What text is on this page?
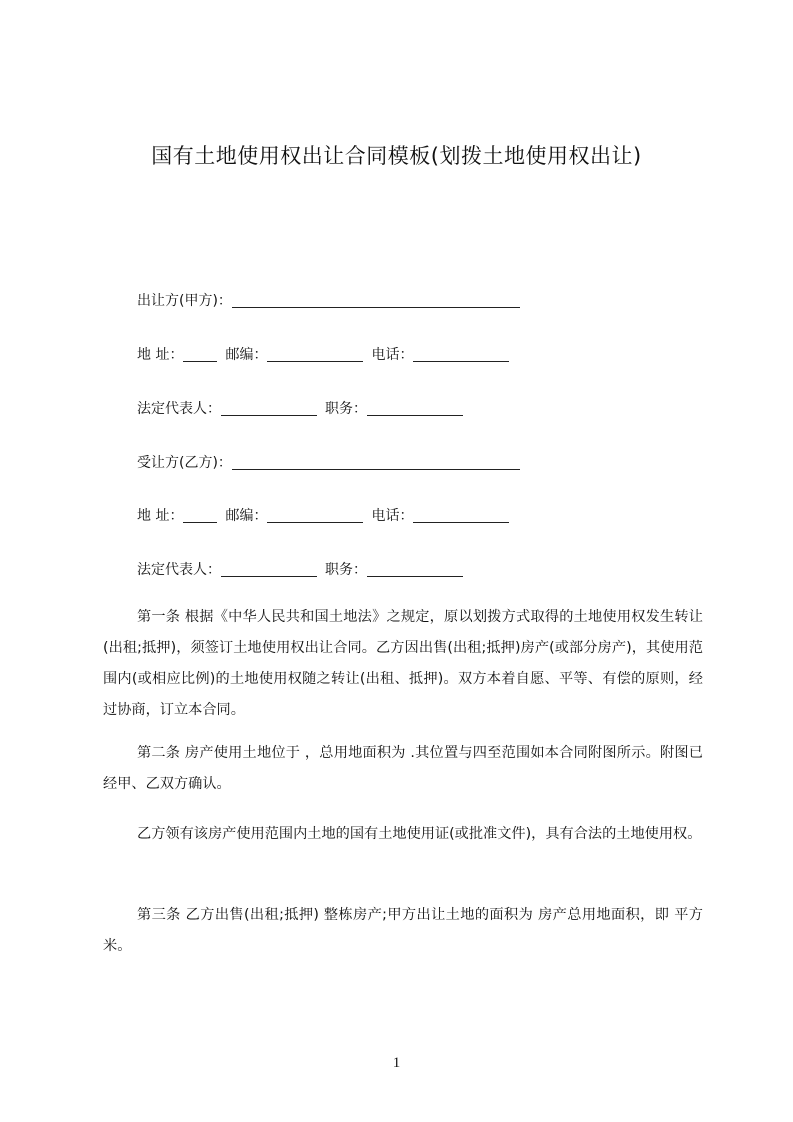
国有土地使用权出让合同模板(划拨土地使用权出让)
出让方(甲方)：
地 址：	邮编：	电话：
法定代表人：	职务：
受让方(乙方)：
地 址：	邮编：	电话：
法定代表人：	职务：
第一条 根据《中华人民共和国土地法》之规定，原以划拨方式取得的土地使用权发生转让(出租;抵押)，须签订土地使用权出让合同。乙方因出售(出租;抵押)房产(或部分房产)，其使用范围内(或相应比例)的土地使用权随之转让(出租、抵押)。双方本着自愿、平等、有偿的原则，经过协商，订立本合同。
第二条 房产使用土地位于 ，总用地面积为 .其位置与四至范围如本合同附图所示。附图已经甲、乙双方确认。
乙方领有该房产使用范围内土地的国有土地使用证(或批准文件)，具有合法的土地使用权。
第三条 乙方出售(出租;抵押) 整栋房产;甲方出让土地的面积为 房产总用地面积，即 平方米。
1
